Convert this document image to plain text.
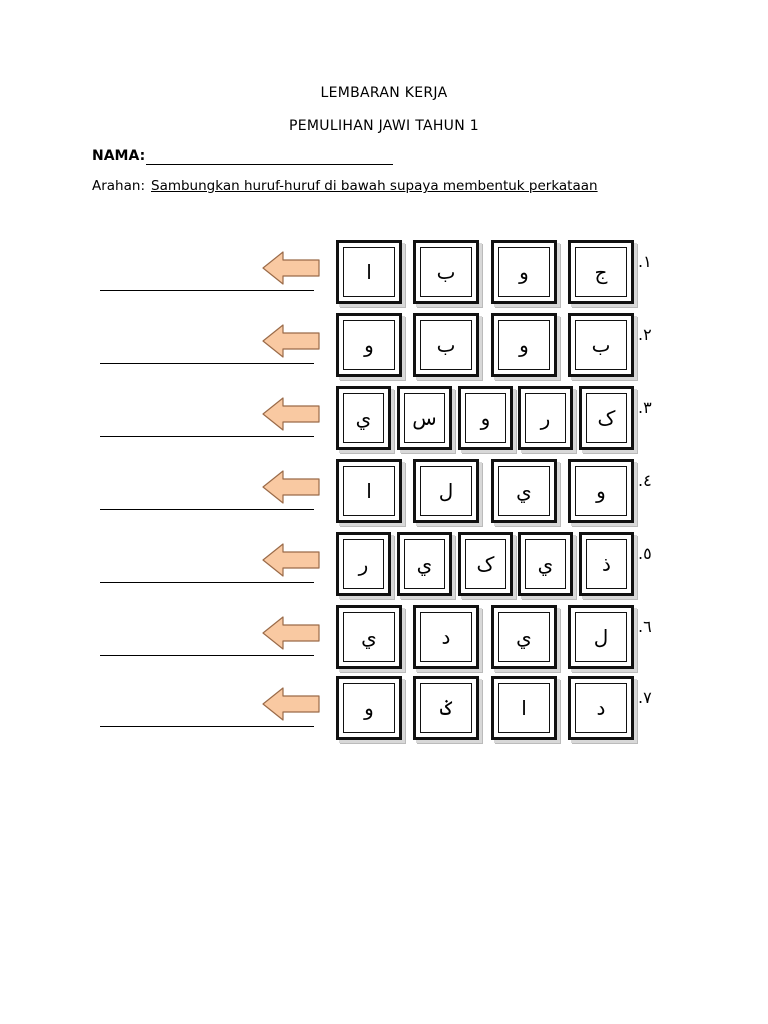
LEMBARAN KERJA
PEMULIHAN JAWI TAHUN 1
NAMA:
Arahan: Sambungkan huruf-huruf di bawah supaya membentuk perkataan
ج
و
ب
ا	.١
ب
و
ب
و	.٢
ک
ر
و
س
ي	.٣
و
ي
ل
ا	.٤
ذ
ي
ک
ي
ر	.٥
ل
ي
د
ي	.٦
د
ا
ݢ
و	.٧
